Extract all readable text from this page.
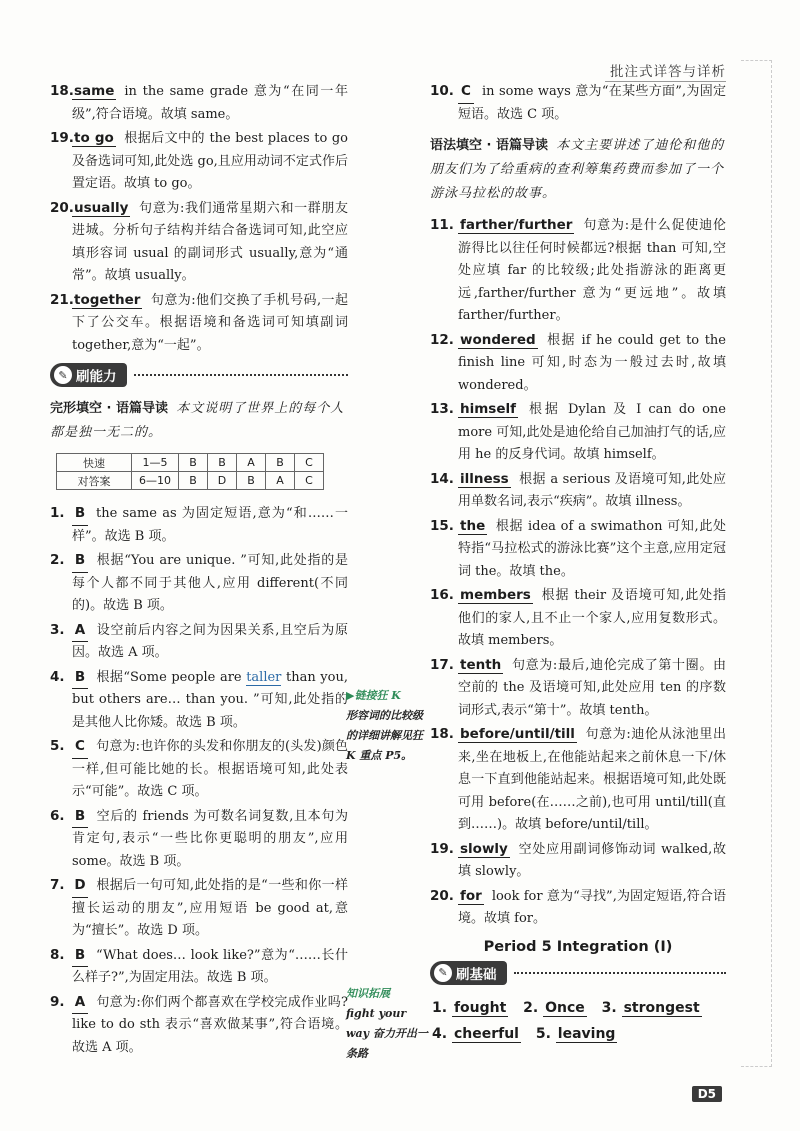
批注式详答与详析
18. same in the same grade 意为“在同一年级”,符合语境。故填 same。
19. to go 根据后文中的 the best places to go 及备选词可知,此处选 go,且应用动词不定式作后置定语。故填 to go。
20. usually 句意为:我们通常星期六和一群朋友进城。分析句子结构并结合备选词可知,此空应填形容词 usual 的副词形式 usually,意为“通常”。故填 usually。
21. together 句意为:他们交换了手机号码,一起下了公交车。根据语境和备选词可知填副词 together,意为“一起”。
✎ 刷能力
完形填空 · 语篇导读 本文说明了世界上的每个人都是独一无二的。
快速	1—5	B	B	A	B	C
对答案	6—10	B	D	B	A	C
1. B the same as 为固定短语,意为“和……一样”。故选 B 项。
2. B 根据“You are unique. ”可知,此处指的是每个人都不同于其他人,应用 different(不同的)。故选 B 项。
3. A 设空前后内容之间为因果关系,且空后为原因。故选 A 项。
4. B 根据“Some people are taller than you, but others are… than you. ”可知,此处指的是其他人比你矮。故选 B 项。
5. C 句意为:也许你的头发和你朋友的(头发)颜色一样,但可能比她的长。根据语境可知,此处表示“可能”。故选 C 项。
6. B 空后的 friends 为可数名词复数,且本句为肯定句,表示“一些比你更聪明的朋友”,应用 some。故选 B 项。
7. D 根据后一句可知,此处指的是“一些和你一样擅长运动的朋友”,应用短语 be good at,意为“擅长”。故选 D 项。
8. B “What does… look like?”意为“……长什么样子?”,为固定用法。故选 B 项。
9. A 句意为:你们两个都喜欢在学校完成作业吗? like to do sth 表示“喜欢做某事”,符合语境。故选 A 项。
▶链接狂 K
形容词的比较级的详细讲解见狂 K 重点 P5。
知识拓展
fight your way 奋力开出一条路
10. C in some ways 意为“在某些方面”,为固定短语。故选 C 项。
语法填空 · 语篇导读 本文主要讲述了迪伦和他的朋友们为了给重病的查利筹集药费而参加了一个游泳马拉松的故事。
11. farther/further 句意为:是什么促使迪伦游得比以往任何时候都远?根据 than 可知,空处应填 far 的比较级;此处指游泳的距离更远,farther/further 意为“更远地”。故填 farther/further。
12. wondered 根据 if he could get to the finish line 可知,时态为一般过去时,故填 wondered。
13. himself 根据 Dylan 及 I can do one more 可知,此处是迪伦给自己加油打气的话,应用 he 的反身代词。故填 himself。
14. illness 根据 a serious 及语境可知,此处应用单数名词,表示“疾病”。故填 illness。
15. the 根据 idea of a swimathon 可知,此处特指“马拉松式的游泳比赛”这个主意,应用定冠词 the。故填 the。
16. members 根据 their 及语境可知,此处指他们的家人,且不止一个家人,应用复数形式。故填 members。
17. tenth 句意为:最后,迪伦完成了第十圈。由空前的 the 及语境可知,此处应用 ten 的序数词形式,表示“第十”。故填 tenth。
18. before/until/till 句意为:迪伦从泳池里出来,坐在地板上,在他能站起来之前休息一下/休息一下直到他能站起来。根据语境可知,此处既可用 before(在……之前),也可用 until/till(直到……)。故填 before/until/till。
19. slowly 空处应用副词修饰动词 walked,故填 slowly。
20. for look for 意为“寻找”,为固定短语,符合语境。故填 for。
Period 5 Integration (Ⅰ)
✎ 刷基础
1. fought 2. Once 3. strongest
4. cheerful 5. leaving
D5
